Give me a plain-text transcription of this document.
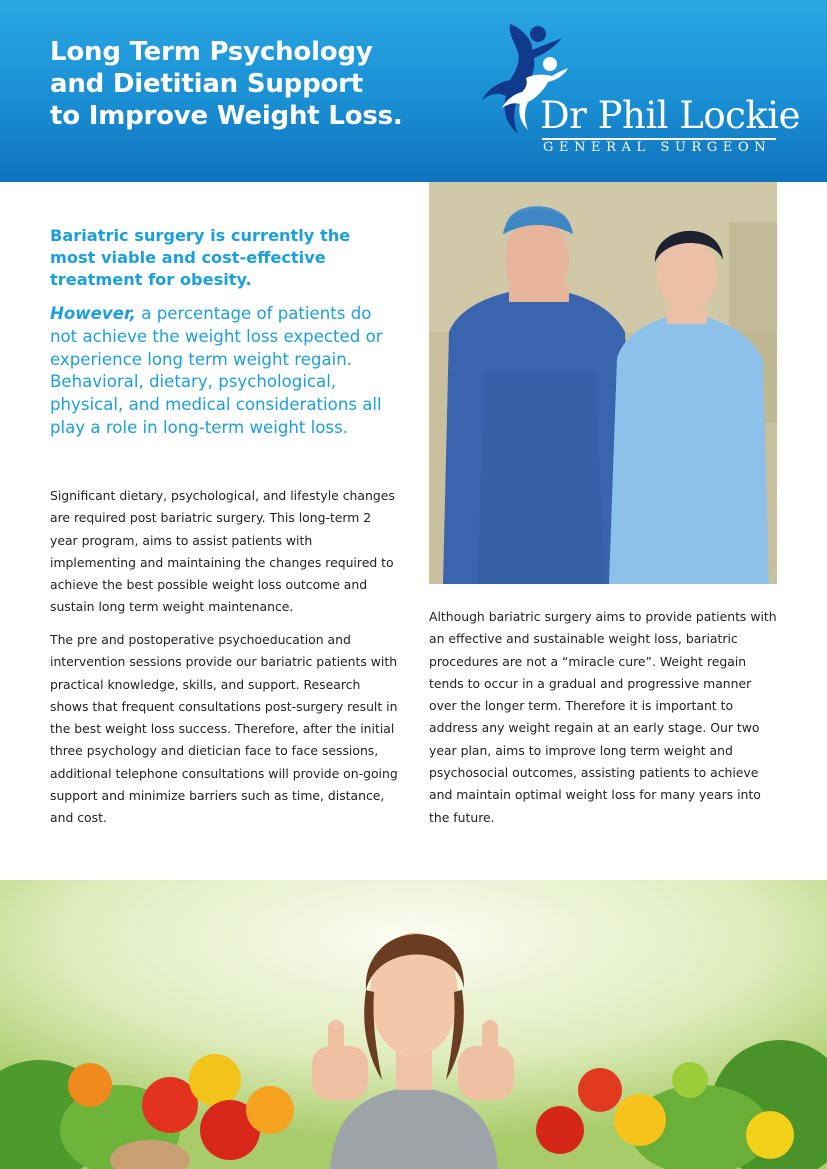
Long Term Psychology
and Dietitian Support
to Improve Weight Loss.	Dr Phil Lockie
GENERAL SURGEON
Bariatric surgery is currently the most viable and cost-effective treatment for obesity.
However, a percentage of patients do not achieve the weight loss expected or experience long term weight regain. Behavioral, dietary, psychological, physical, and medical considerations all play a role in long-term weight loss.
Significant dietary, psychological, and lifestyle changes are required post bariatric surgery. This long-term 2 year program, aims to assist patients with implementing and maintaining the changes required to achieve the best possible weight loss outcome and sustain long term weight maintenance.
The pre and postoperative psychoeducation and intervention sessions provide our bariatric patients with practical knowledge, skills, and support. Research shows that frequent consultations post-surgery result in the best weight loss success. Therefore, after the initial three psychology and dietician face to face sessions, additional telephone consultations will provide on-going support and minimize barriers such as time, distance, and cost.
Although bariatric surgery aims to provide patients with an effective and sustainable weight loss, bariatric procedures are not a “miracle cure”. Weight regain tends to occur in a gradual and progressive manner over the longer term. Therefore it is important to address any weight regain at an early stage. Our two year plan, aims to improve long term weight and psychosocial outcomes, assisting patients to achieve and maintain optimal weight loss for many years into the future.
